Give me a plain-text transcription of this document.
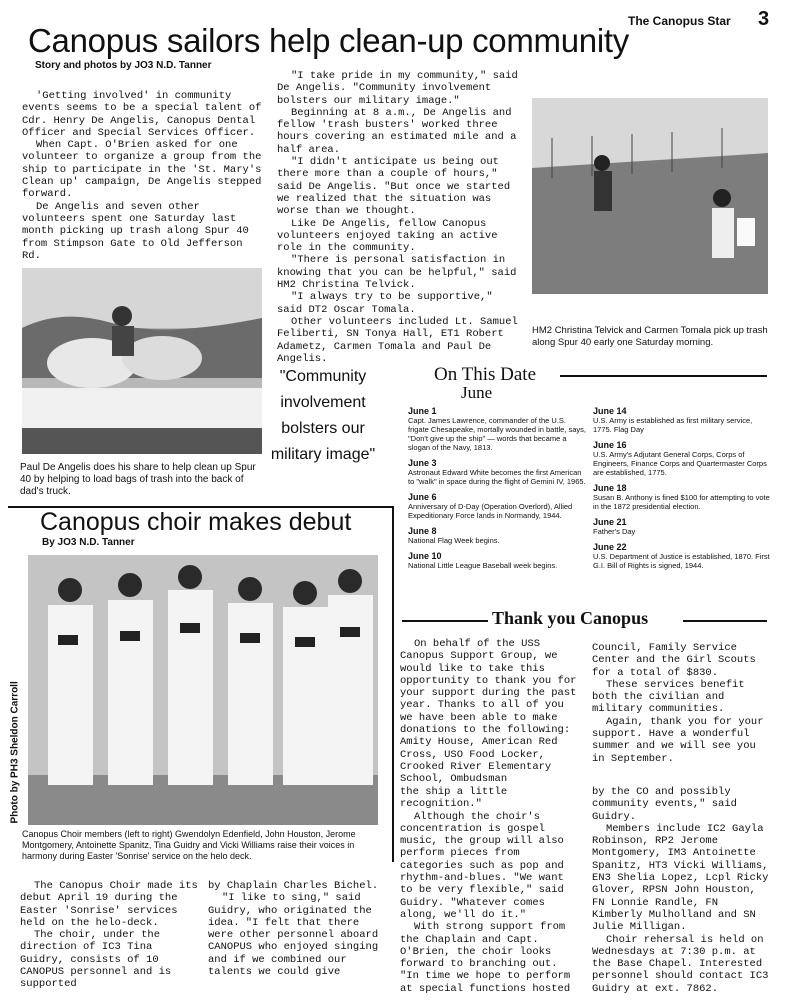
The Canopus Star 3
Canopus sailors help clean-up community
Story and photos by JO3 N.D. Tanner

'Getting involved' in community events seems to be a special talent of Cdr. Henry De Angelis, Canopus Dental Officer and Special Services Officer.

When Capt. O'Brien asked for one volunteer to organize a group from the ship to participate in the 'St. Mary's Clean up' campaign, De Angelis stepped forward.

De Angelis and seven other volunteers spent one Saturday last month picking up trash along Spur 40 from Stimpson Gate to Old Jefferson Rd.

"I take pride in my community," said De Angelis. "Community involvement bolsters our military image."

Beginning at 8 a.m., De Angelis and fellow 'trash busters' worked three hours covering an estimated mile and a half area.

"I didn't anticipate us being out there more than a couple of hours," said De Angelis. "But once we started we realized that the situation was worse than we thought.

Like De Angelis, fellow Canopus volunteers enjoyed taking an active role in the community.

"There is personal satisfaction in knowing that you can be helpful," said HM2 Christina Telvick.

"I always try to be supportive," said DT2 Oscar Tomala.

Other volunteers included Lt. Samuel Feliberti, SN Tonya Hall, ET1 Robert Adametz, Carmen Tomala and Paul De Angelis.

Paul De Angelis does his share to help clean up Spur 40 by helping to load bags of trash into the back of dad's truck.
"Community involvement bolsters our military image"
HM2 Christina Telvick and Carmen Tomala pick up trash along Spur 40 early one Saturday morning.
On This Date
June
June 1
Capt. James Lawrence, commander of the U.S. frigate Chesapeake, mortally wounded in battle, says, "Don't give up the ship" — words that became a slogan of the Navy, 1813.
June 3
Astronaut Edward White becomes the first American to "walk" in space during the flight of Gemini IV, 1965.
June 6
Anniversary of D-Day (Operation Overlord), Allied Expeditionary Force lands in Normandy, 1944.
June 8
National Flag Week begins.
June 10
National Little League Baseball week begins.
June 14
U.S. Army is established as first military service, 1775. Flag Day
June 16
U.S. Army's Adjutant General Corps, Corps of Engineers, Finance Corps and Quartermaster Corps are established, 1775.
June 18
Susan B. Anthony is fined $100 for attempting to vote in the 1872 presidential election.
June 21
Father's Day
June 22
U.S. Department of Justice is established, 1870. First G.I. Bill of Rights is signed, 1944.
Thank you Canopus

On behalf of the USS Canopus Support Group, we would like to take this opportunity to thank you for your support during the past year. Thanks to all of you we have been able to make donations to the following: Amity House, American Red Cross, USO Food Locker, Crooked River Elementary School, Ombudsman

Council, Family Service Center and the Girl Scouts for a total of $830.

These services benefit both the civilian and military communities.

Again, thank you for your support. Have a wonderful summer and we will see you in September.

Canopus choir makes debut
By JO3 N.D. Tanner
Photo by PH3 Sheldon Carroll
Canopus Choir members (left to right) Gwendolyn Edenfield, John Houston, Jerome Montgomery, Antoinette Spanitz, Tina Guidry and Vicki Williams raise their voices in harmony during Easter 'Sonrise' service on the helo deck.

The Canopus Choir made its debut April 19 during the Easter 'Sonrise' services held on the helo-deck.

The choir, under the direction of IC3 Tina Guidry, consists of 10 CANOPUS personnel and is supported

by Chaplain Charles Bichel.

"I like to sing," said Guidry, who originated the idea. "I felt that there were other personnel aboard CANOPUS who enjoyed singing and if we combined our talents we could give

the ship a little recognition."

Although the choir's concentration is gospel music, the group will also perform pieces from categories such as pop and rhythm-and-blues. "We want to be very flexible," said Guidry. "Whatever comes along, we'll do it."

With strong support from the Chaplain and Capt. O'Brien, the choir looks forward to branching out. "In time we hope to perform at special functions hosted

by the CO and possibly community events," said Guidry.

Members include IC2 Gayla Robinson, RP2 Jerome Montgomery, IM3 Antoinette Spanitz, HT3 Vicki Williams, EN3 Shelia Lopez, Lcpl Ricky Glover, RPSN John Houston, FN Lonnie Randle, FN Kimberly Mulholland and SN Julie Milligan.

Choir rehersal is held on Wednesdays at 7:30 p.m. at the Base Chapel. Interested personnel should contact IC3 Guidry at ext. 7862.
